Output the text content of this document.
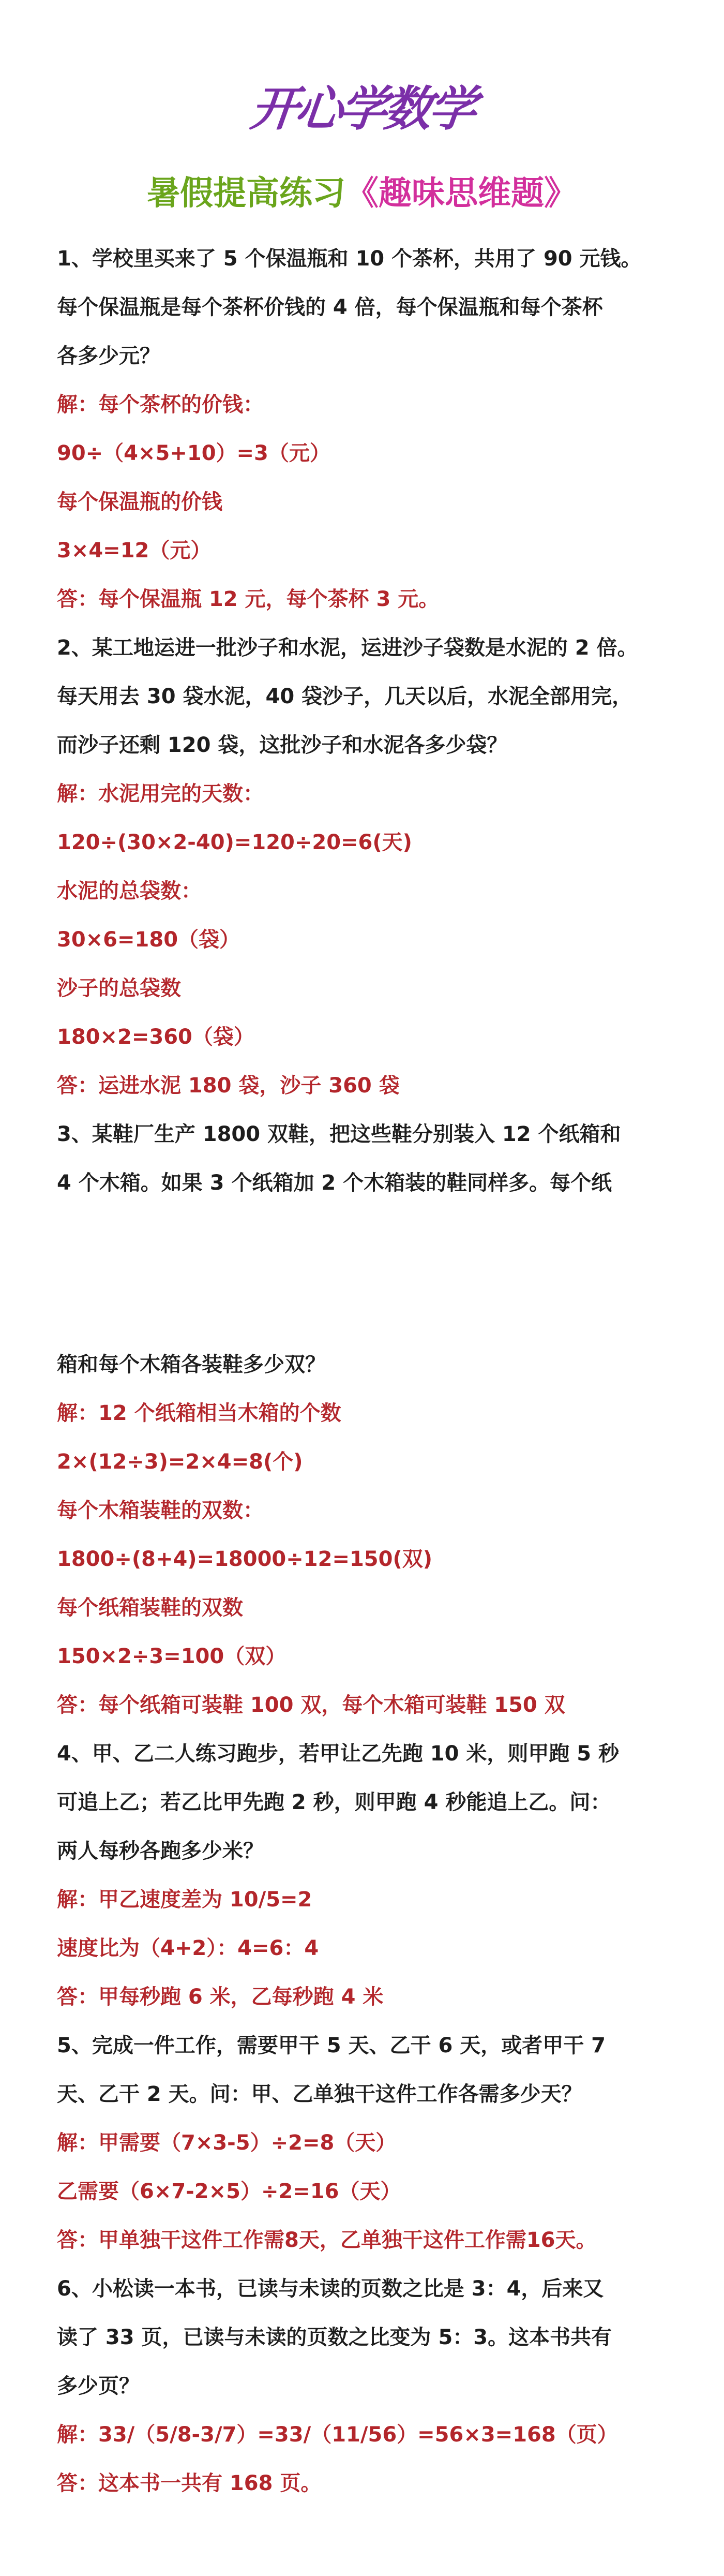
开心学数学
暑假提高练习《趣味思维题》

1、学校里买来了 5 个保温瓶和 10 个茶杯，共用了 90 元钱。

每个保温瓶是每个茶杯价钱的 4 倍，每个保温瓶和每个茶杯

各多少元？

解：每个茶杯的价钱：

90÷（4×5+10）=3（元）

每个保温瓶的价钱

3×4=12（元）

答：每个保温瓶 12 元，每个茶杯 3 元。

2、某工地运进一批沙子和水泥，运进沙子袋数是水泥的 2 倍。

每天用去 30 袋水泥，40 袋沙子，几天以后，水泥全部用完，

而沙子还剩 120 袋，这批沙子和水泥各多少袋？

解：水泥用完的天数：

120÷(30×2-40)=120÷20=6(天)

水泥的总袋数：

30×6=180（袋）

沙子的总袋数

180×2=360（袋）

答：运进水泥 180 袋，沙子 360 袋

3、某鞋厂生产 1800 双鞋，把这些鞋分别装入 12 个纸箱和

4 个木箱。如果 3 个纸箱加 2 个木箱装的鞋同样多。每个纸

箱和每个木箱各装鞋多少双？

解：12 个纸箱相当木箱的个数

2×(12÷3)=2×4=8(个)

每个木箱装鞋的双数：

1800÷(8+4)=18000÷12=150(双)

每个纸箱装鞋的双数

150×2÷3=100（双）

答：每个纸箱可装鞋 100 双，每个木箱可装鞋 150 双

4、甲、乙二人练习跑步，若甲让乙先跑 10 米，则甲跑 5 秒

可追上乙；若乙比甲先跑 2 秒，则甲跑 4 秒能追上乙。问：

两人每秒各跑多少米？

解：甲乙速度差为 10/5=2

速度比为（4+2）：4=6：4

答：甲每秒跑 6 米，乙每秒跑 4 米

5、完成一件工作，需要甲干 5 天、乙干 6 天，或者甲干 7

天、乙干 2 天。问：甲、乙单独干这件工作各需多少天？

解：甲需要（7×3-5）÷2=8（天）

乙需要（6×7-2×5）÷2=16（天）

答：甲单独干这件工作需8天，乙单独干这件工作需16天。

6、小松读一本书，已读与未读的页数之比是 3：4，后来又

读了 33 页，已读与未读的页数之比变为 5：3。这本书共有

多少页？

解：33/（5/8-3/7）=33/（11/56）=56×3=168（页）

答：这本书一共有 168 页。
